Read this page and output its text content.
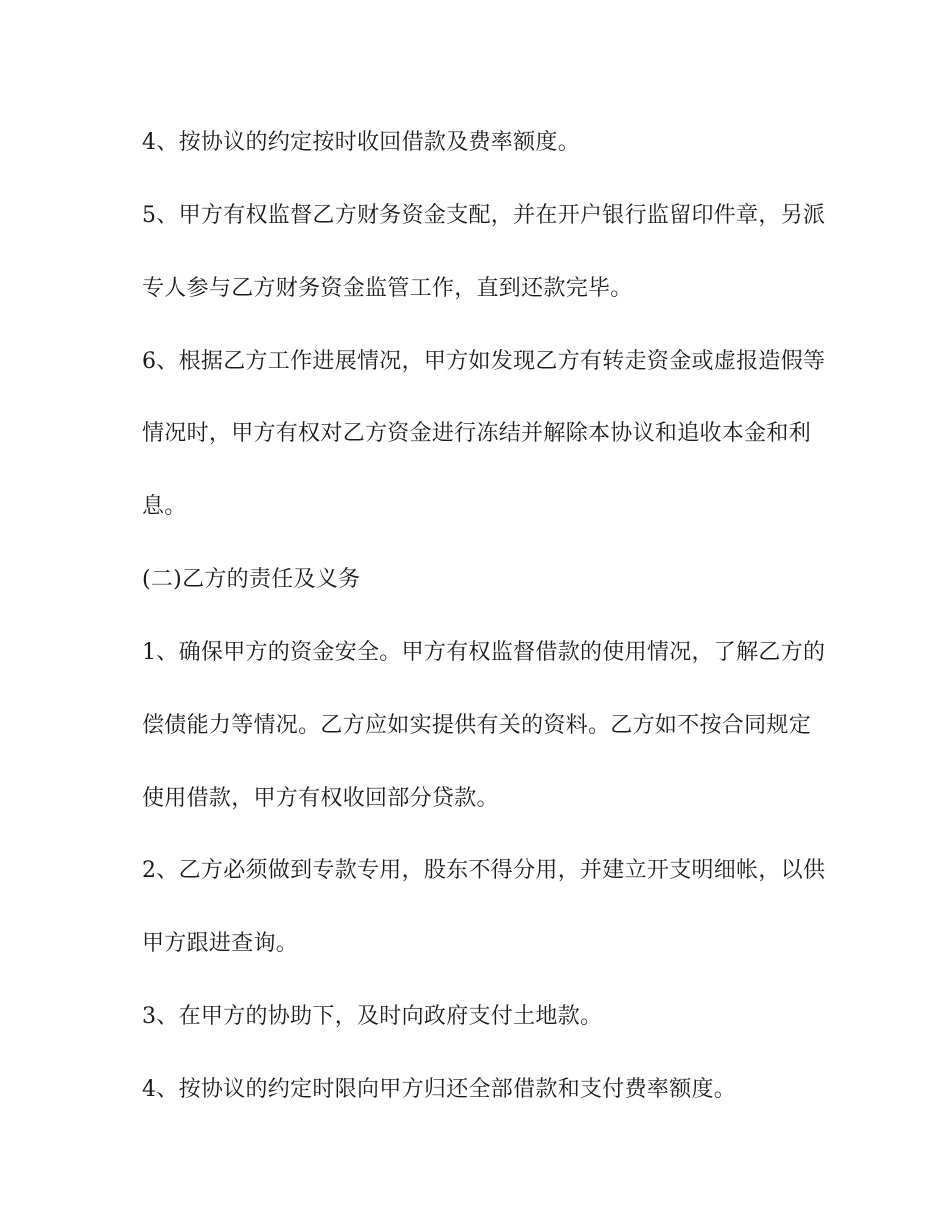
4、按协议的约定按时收回借款及费率额度。

5、甲方有权监督乙方财务资金支配，并在开户银行监留印件章，另派

专人参与乙方财务资金监管工作，直到还款完毕。

6、根据乙方工作进展情况，甲方如发现乙方有转走资金或虚报造假等

情况时，甲方有权对乙方资金进行冻结并解除本协议和追收本金和利

息。

(二)乙方的责任及义务

1、确保甲方的资金安全。甲方有权监督借款的使用情况，了解乙方的

偿债能力等情况。乙方应如实提供有关的资料。乙方如不按合同规定

使用借款，甲方有权收回部分贷款。

2、乙方必须做到专款专用，股东不得分用，并建立开支明细帐，以供

甲方跟进查询。

3、在甲方的协助下，及时向政府支付土地款。

4、按协议的约定时限向甲方归还全部借款和支付费率额度。
